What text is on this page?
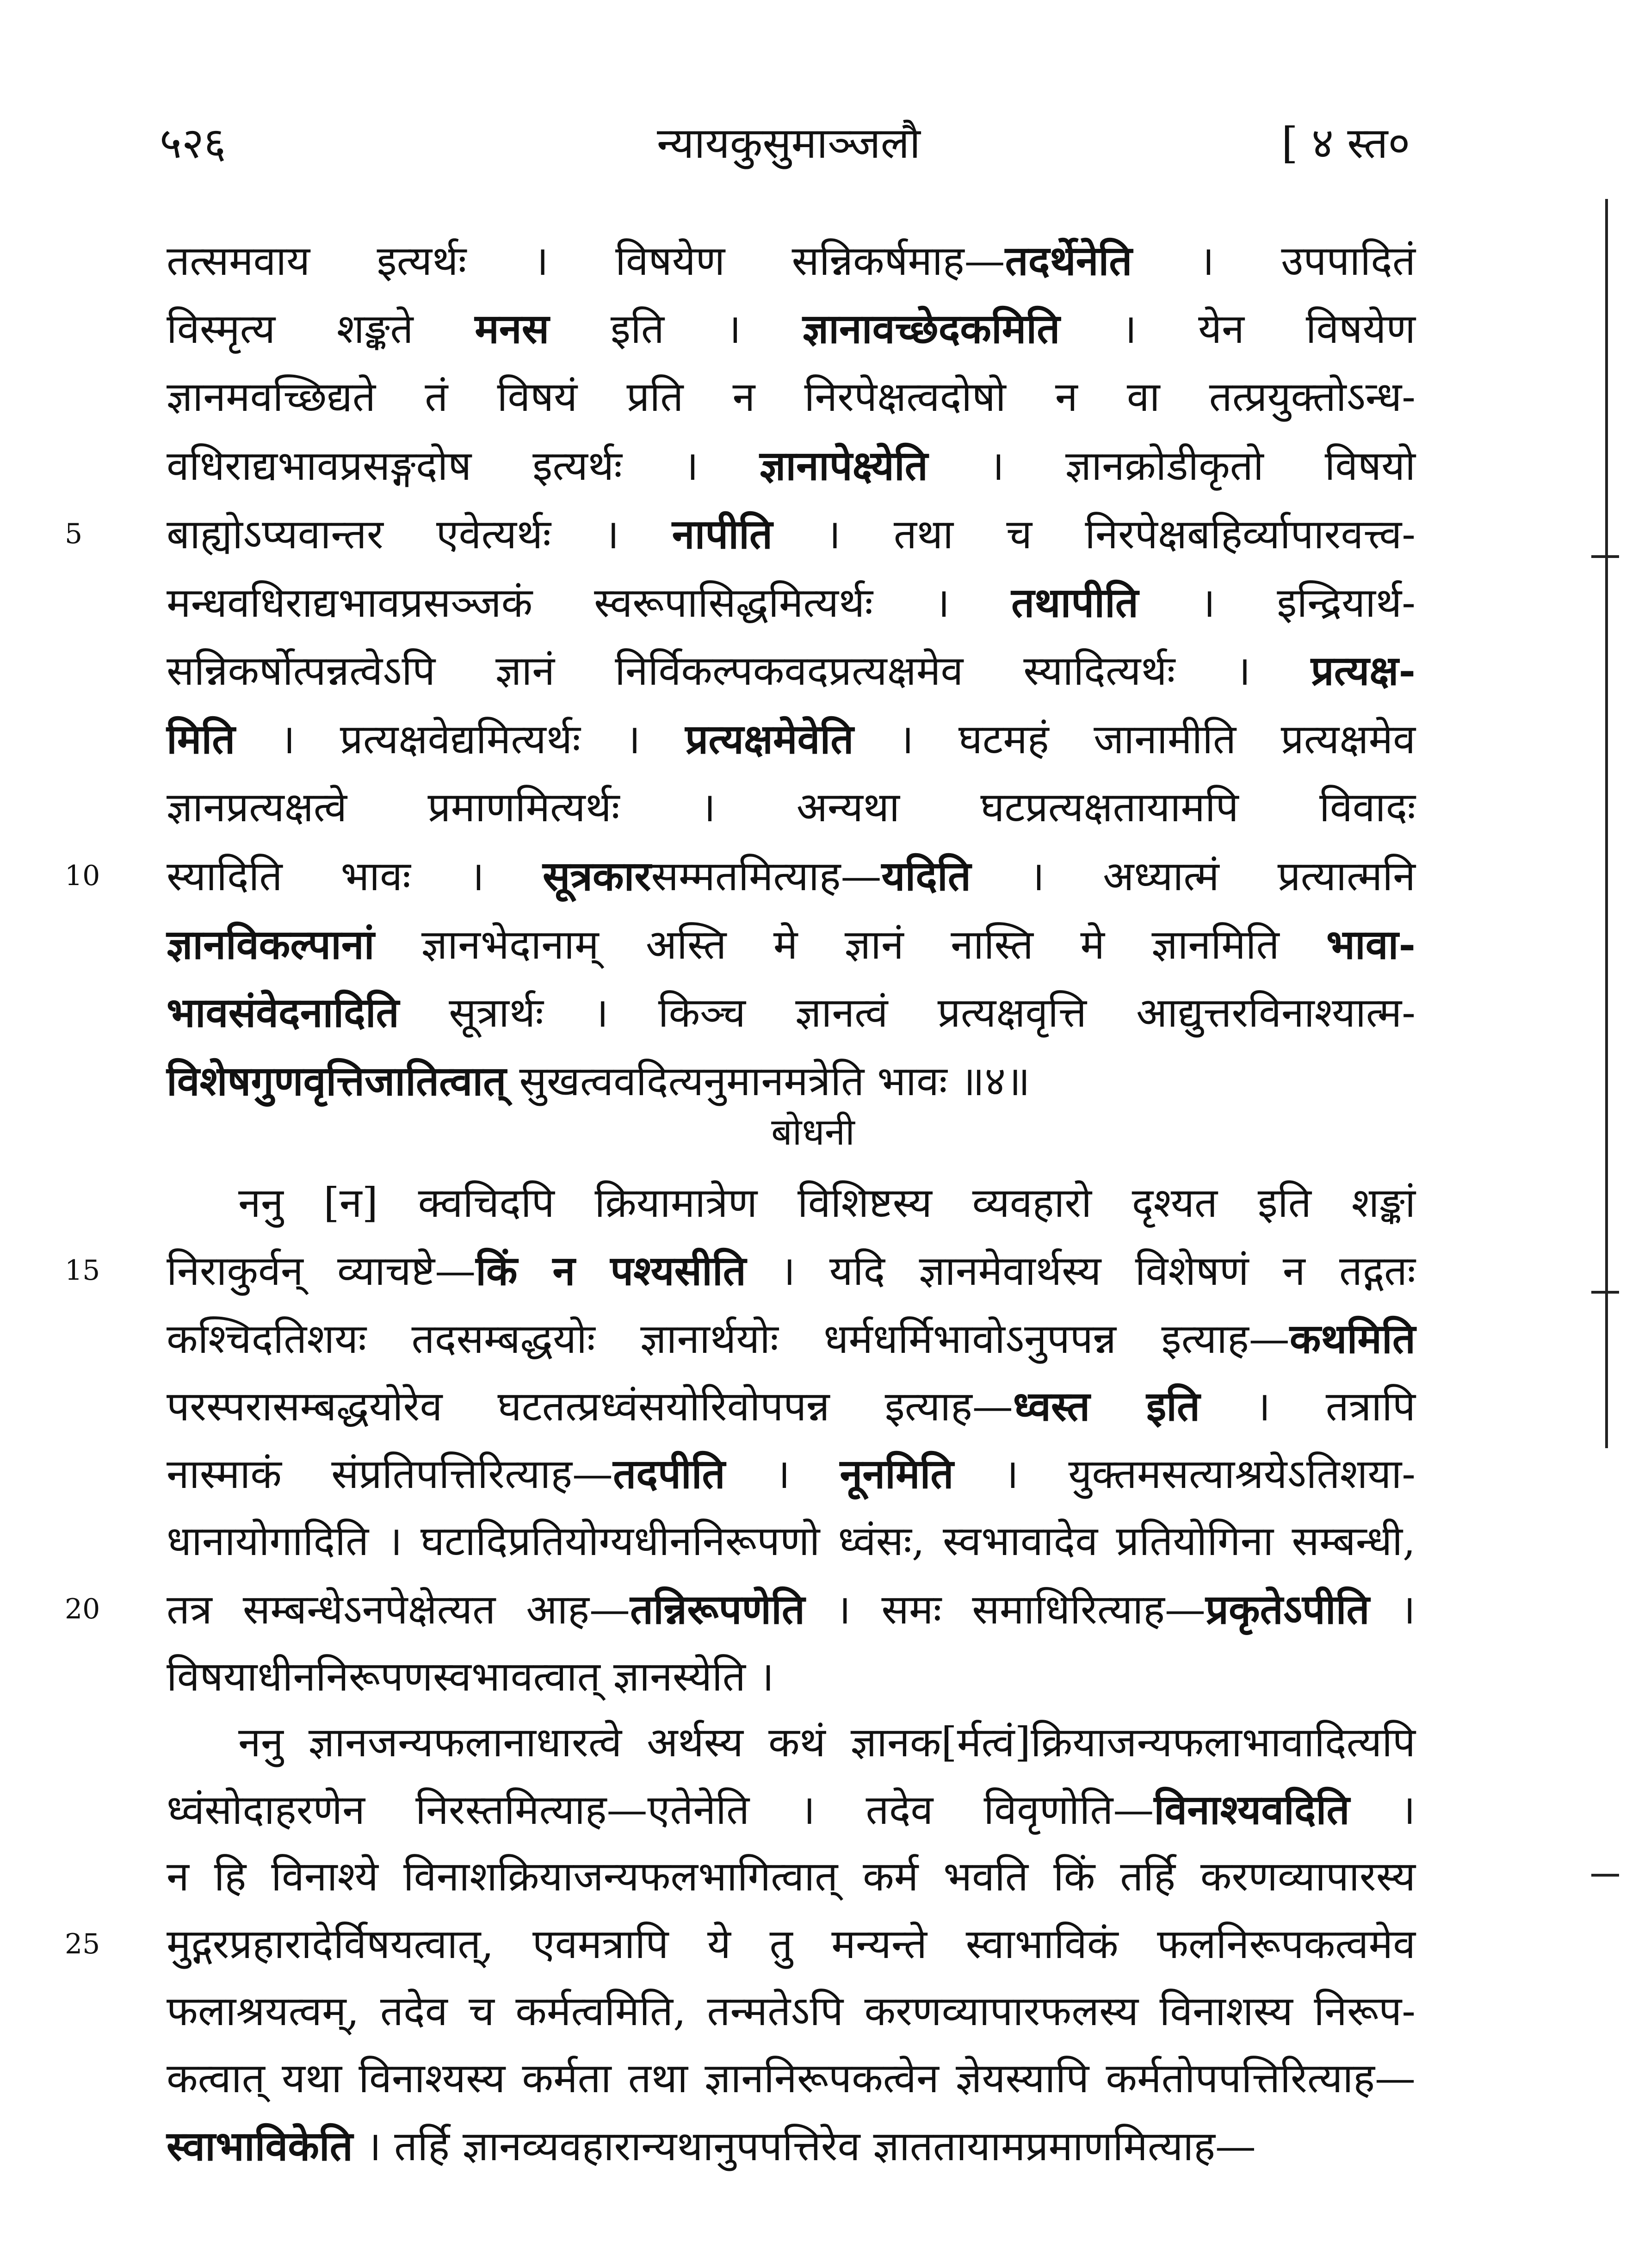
५२६	न्यायकुसुमाञ्जलौ	[ ४ स्त०
बोधनी
तत्समवाय इत्यर्थः । विषयेण सन्निकर्षमाह—तदर्थेनेति । उपपादितं
विस्मृत्य शङ्कते मनस इति । ज्ञानावच्छेदकमिति । येन विषयेण
ज्ञानमवच्छिद्यते तं विषयं प्रति न निरपेक्षत्वदोषो न वा तत्प्रयुक्तोऽन्ध-
वधिराद्यभावप्रसङ्गदोष इत्यर्थः । ज्ञानापेक्ष्येति । ज्ञानक्रोडीकृतो विषयो
बाह्योऽप्यवान्तर एवेत्यर्थः । नापीति । तथा च निरपेक्षबहिर्व्यापारवत्त्व-
5
मन्धवधिराद्यभावप्रसञ्जकं स्वरूपासिद्धमित्यर्थः । तथापीति । इन्द्रियार्थ-
सन्निकर्षोत्पन्नत्वेऽपि ज्ञानं निर्विकल्पकवदप्रत्यक्षमेव स्यादित्यर्थः । प्रत्यक्ष-
मिति । प्रत्यक्षवेद्यमित्यर्थः । प्रत्यक्षमेवेति । घटमहं जानामीति प्रत्यक्षमेव
ज्ञानप्रत्यक्षत्वे प्रमाणमित्यर्थः । अन्यथा घटप्रत्यक्षतायामपि विवादः
स्यादिति भावः । सूत्रकारसम्मतमित्याह—यदिति । अध्यात्मं प्रत्यात्मनि
10
ज्ञानविकल्पानां ज्ञानभेदानाम् अस्ति मे ज्ञानं नास्ति मे ज्ञानमिति भावा-
भावसंवेदनादिति सूत्रार्थः । किञ्च ज्ञानत्वं प्रत्यक्षवृत्ति आद्युत्तरविनाश्यात्म-
विशेषगुणवृत्तिजातित्वात् सुखत्ववदित्यनुमानमत्रेति भावः ॥४॥
ननु [न] क्वचिदपि क्रियामात्रेण विशिष्टस्य व्यवहारो दृश्यत इति शङ्कां
निराकुर्वन् व्याचष्टे—किं न पश्यसीति । यदि ज्ञानमेवार्थस्य विशेषणं न तद्गतः
15
कश्चिदतिशयः तदसम्बद्धयोः ज्ञानार्थयोः धर्मधर्मिभावोऽनुपपन्न इत्याह—कथमिति
परस्परासम्बद्धयोरेव घटतत्प्रध्वंसयोरिवोपपन्न इत्याह—ध्वस्त इति । तत्रापि
नास्माकं संप्रतिपत्तिरित्याह—तदपीति । नूनमिति । युक्तमसत्याश्रयेऽतिशया-
धानायोगादिति । घटादिप्रतियोग्यधीननिरूपणो ध्वंसः, स्वभावादेव प्रतियोगिना सम्बन्धी,
तत्र सम्बन्धेऽनपेक्षेत्यत आह—तन्निरूपणेति । समः समाधिरित्याह—प्रकृतेऽपीति ।
20
विषयाधीननिरूपणस्वभावत्वात् ज्ञानस्येति ।
ननु ज्ञानजन्यफलानाधारत्वे अर्थस्य कथं ज्ञानक[र्मत्वं]क्रियाजन्यफलाभावादित्यपि
ध्वंसोदाहरणेन निरस्तमित्याह—एतेनेति । तदेव विवृणोति—विनाश्यवदिति ।
न हि विनाश्ये विनाशक्रियाजन्यफलभागित्वात् कर्म भवति किं तर्हि करणव्यापारस्य
मुद्गरप्रहारादेर्विषयत्वात्, एवमत्रापि ये तु मन्यन्ते स्वाभाविकं फलनिरूपकत्वमेव
25
फलाश्रयत्वम्, तदेव च कर्मत्वमिति, तन्मतेऽपि करणव्यापारफलस्य विनाशस्य निरूप-
कत्वात् यथा विनाश्यस्य कर्मता तथा ज्ञाननिरूपकत्वेन ज्ञेयस्यापि कर्मतोपपत्तिरित्याह—
स्वाभाविकेति । तर्हि ज्ञानव्यवहारान्यथानुपपत्तिरेव ज्ञाततायामप्रमाणमित्याह—
